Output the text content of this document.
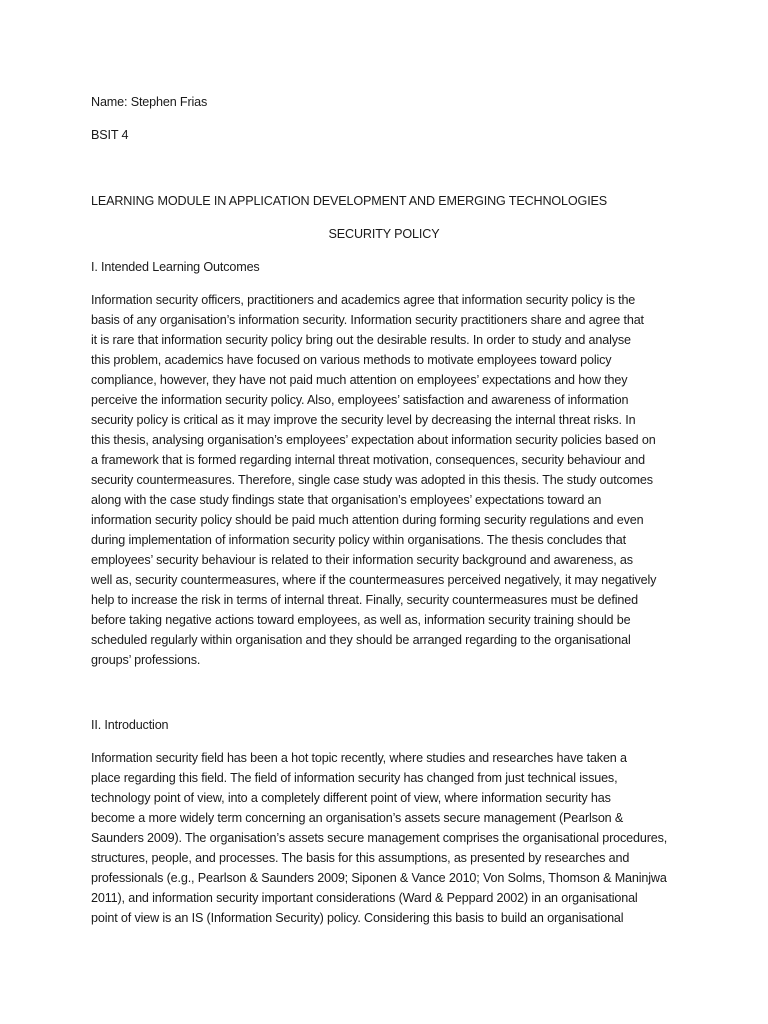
Name: Stephen Frias
BSIT 4
LEARNING MODULE IN APPLICATION DEVELOPMENT AND EMERGING TECHNOLOGIES
SECURITY POLICY
I. Intended Learning Outcomes
Information security officers, practitioners and academics agree that information security policy is the
basis of any organisation’s information security. Information security practitioners share and agree that
it is rare that information security policy bring out the desirable results. In order to study and analyse
this problem, academics have focused on various methods to motivate employees toward policy
compliance, however, they have not paid much attention on employees’ expectations and how they
perceive the information security policy. Also, employees’ satisfaction and awareness of information
security policy is critical as it may improve the security level by decreasing the internal threat risks. In
this thesis, analysing organisation’s employees’ expectation about information security policies based on
a framework that is formed regarding internal threat motivation, consequences, security behaviour and
security countermeasures. Therefore, single case study was adopted in this thesis. The study outcomes
along with the case study findings state that organisation’s employees’ expectations toward an
information security policy should be paid much attention during forming security regulations and even
during implementation of information security policy within organisations. The thesis concludes that
employees’ security behaviour is related to their information security background and awareness, as
well as, security countermeasures, where if the countermeasures perceived negatively, it may negatively
help to increase the risk in terms of internal threat. Finally, security countermeasures must be defined
before taking negative actions toward employees, as well as, information security training should be
scheduled regularly within organisation and they should be arranged regarding to the organisational
groups’ professions.
II. Introduction
Information security field has been a hot topic recently, where studies and researches have taken a
place regarding this field. The field of information security has changed from just technical issues,
technology point of view, into a completely different point of view, where information security has
become a more widely term concerning an organisation’s assets secure management (Pearlson &
Saunders 2009). The organisation’s assets secure management comprises the organisational procedures,
structures, people, and processes. The basis for this assumptions, as presented by researches and
professionals (e.g., Pearlson & Saunders 2009; Siponen & Vance 2010; Von Solms, Thomson & Maninjwa
2011), and information security important considerations (Ward & Peppard 2002) in an organisational
point of view is an IS (Information Security) policy. Considering this basis to build an organisational
